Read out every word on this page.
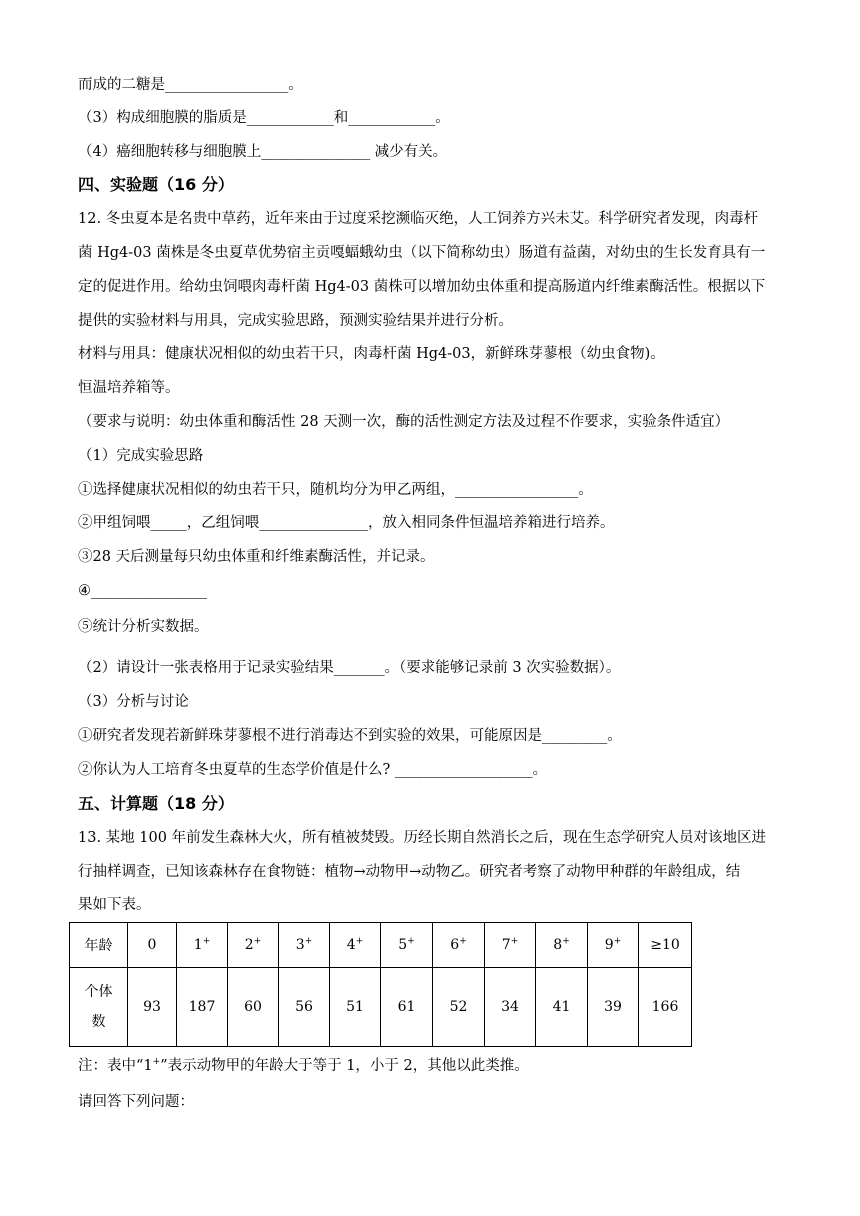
而成的二糖是_________________。
（3）构成细胞膜的脂质是____________和____________。
（4）癌细胞转移与细胞膜上_______________ 减少有关。
四、实验题（16 分）
12. 冬虫夏本是名贵中草药，近年来由于过度采挖濒临灭绝，人工饲养方兴未艾。科学研究者发现，肉毒杆
菌 Hg4-03 菌株是冬虫夏草优势宿主贡嘎蝠蛾幼虫（以下简称幼虫）肠道有益菌，对幼虫的生长发育具有一
定的促进作用。给幼虫饲喂肉毒杆菌 Hg4-03 菌株可以增加幼虫体重和提高肠道内纤维素酶活性。根据以下
提供的实验材料与用具，完成实验思路，预测实验结果并进行分析。
材料与用具：健康状况相似的幼虫若干只，肉毒杆菌 Hg4-03，新鲜珠芽蓼根（幼虫食物)。
恒温培养箱等。
（要求与说明：幼虫体重和酶活性 28 天测一次，酶的活性测定方法及过程不作要求，实验条件适宜）
（1）完成实验思路
①选择健康状况相似的幼虫若干只，随机均分为甲乙两组，_________________。
②甲组饲喂_____，乙组饲喂_______________，放入相同条件恒温培养箱进行培养。
③28 天后测量每只幼虫体重和纤维素酶活性，并记录。
④________________
⑤统计分析实数据。
（2）请设计一张表格用于记录实验结果_______。（要求能够记录前 3 次实验数据）。
（3）分析与讨论
①研究者发现若新鲜珠芽蓼根不进行消毒达不到实验的效果，可能原因是_________。
②你认为人工培育冬虫夏草的生态学价值是什么? ___________________。
五、计算题（18 分）
13. 某地 100 年前发生森林大火，所有植被焚毁。历经长期自然消长之后，现在生态学研究人员对该地区进
行抽样调查，已知该森林存在食物链：植物→动物甲→动物乙。研究者考察了动物甲种群的年龄组成，结
果如下表。
年龄	0	1+	2+	3+	4+	5+	6+	7+	8+	9+	≥10
个体数	93	187	60	56	51	61	52	34	41	39	166
注：表中“1+”表示动物甲的年龄大于等于 1，小于 2，其他以此类推。
请回答下列问题：
